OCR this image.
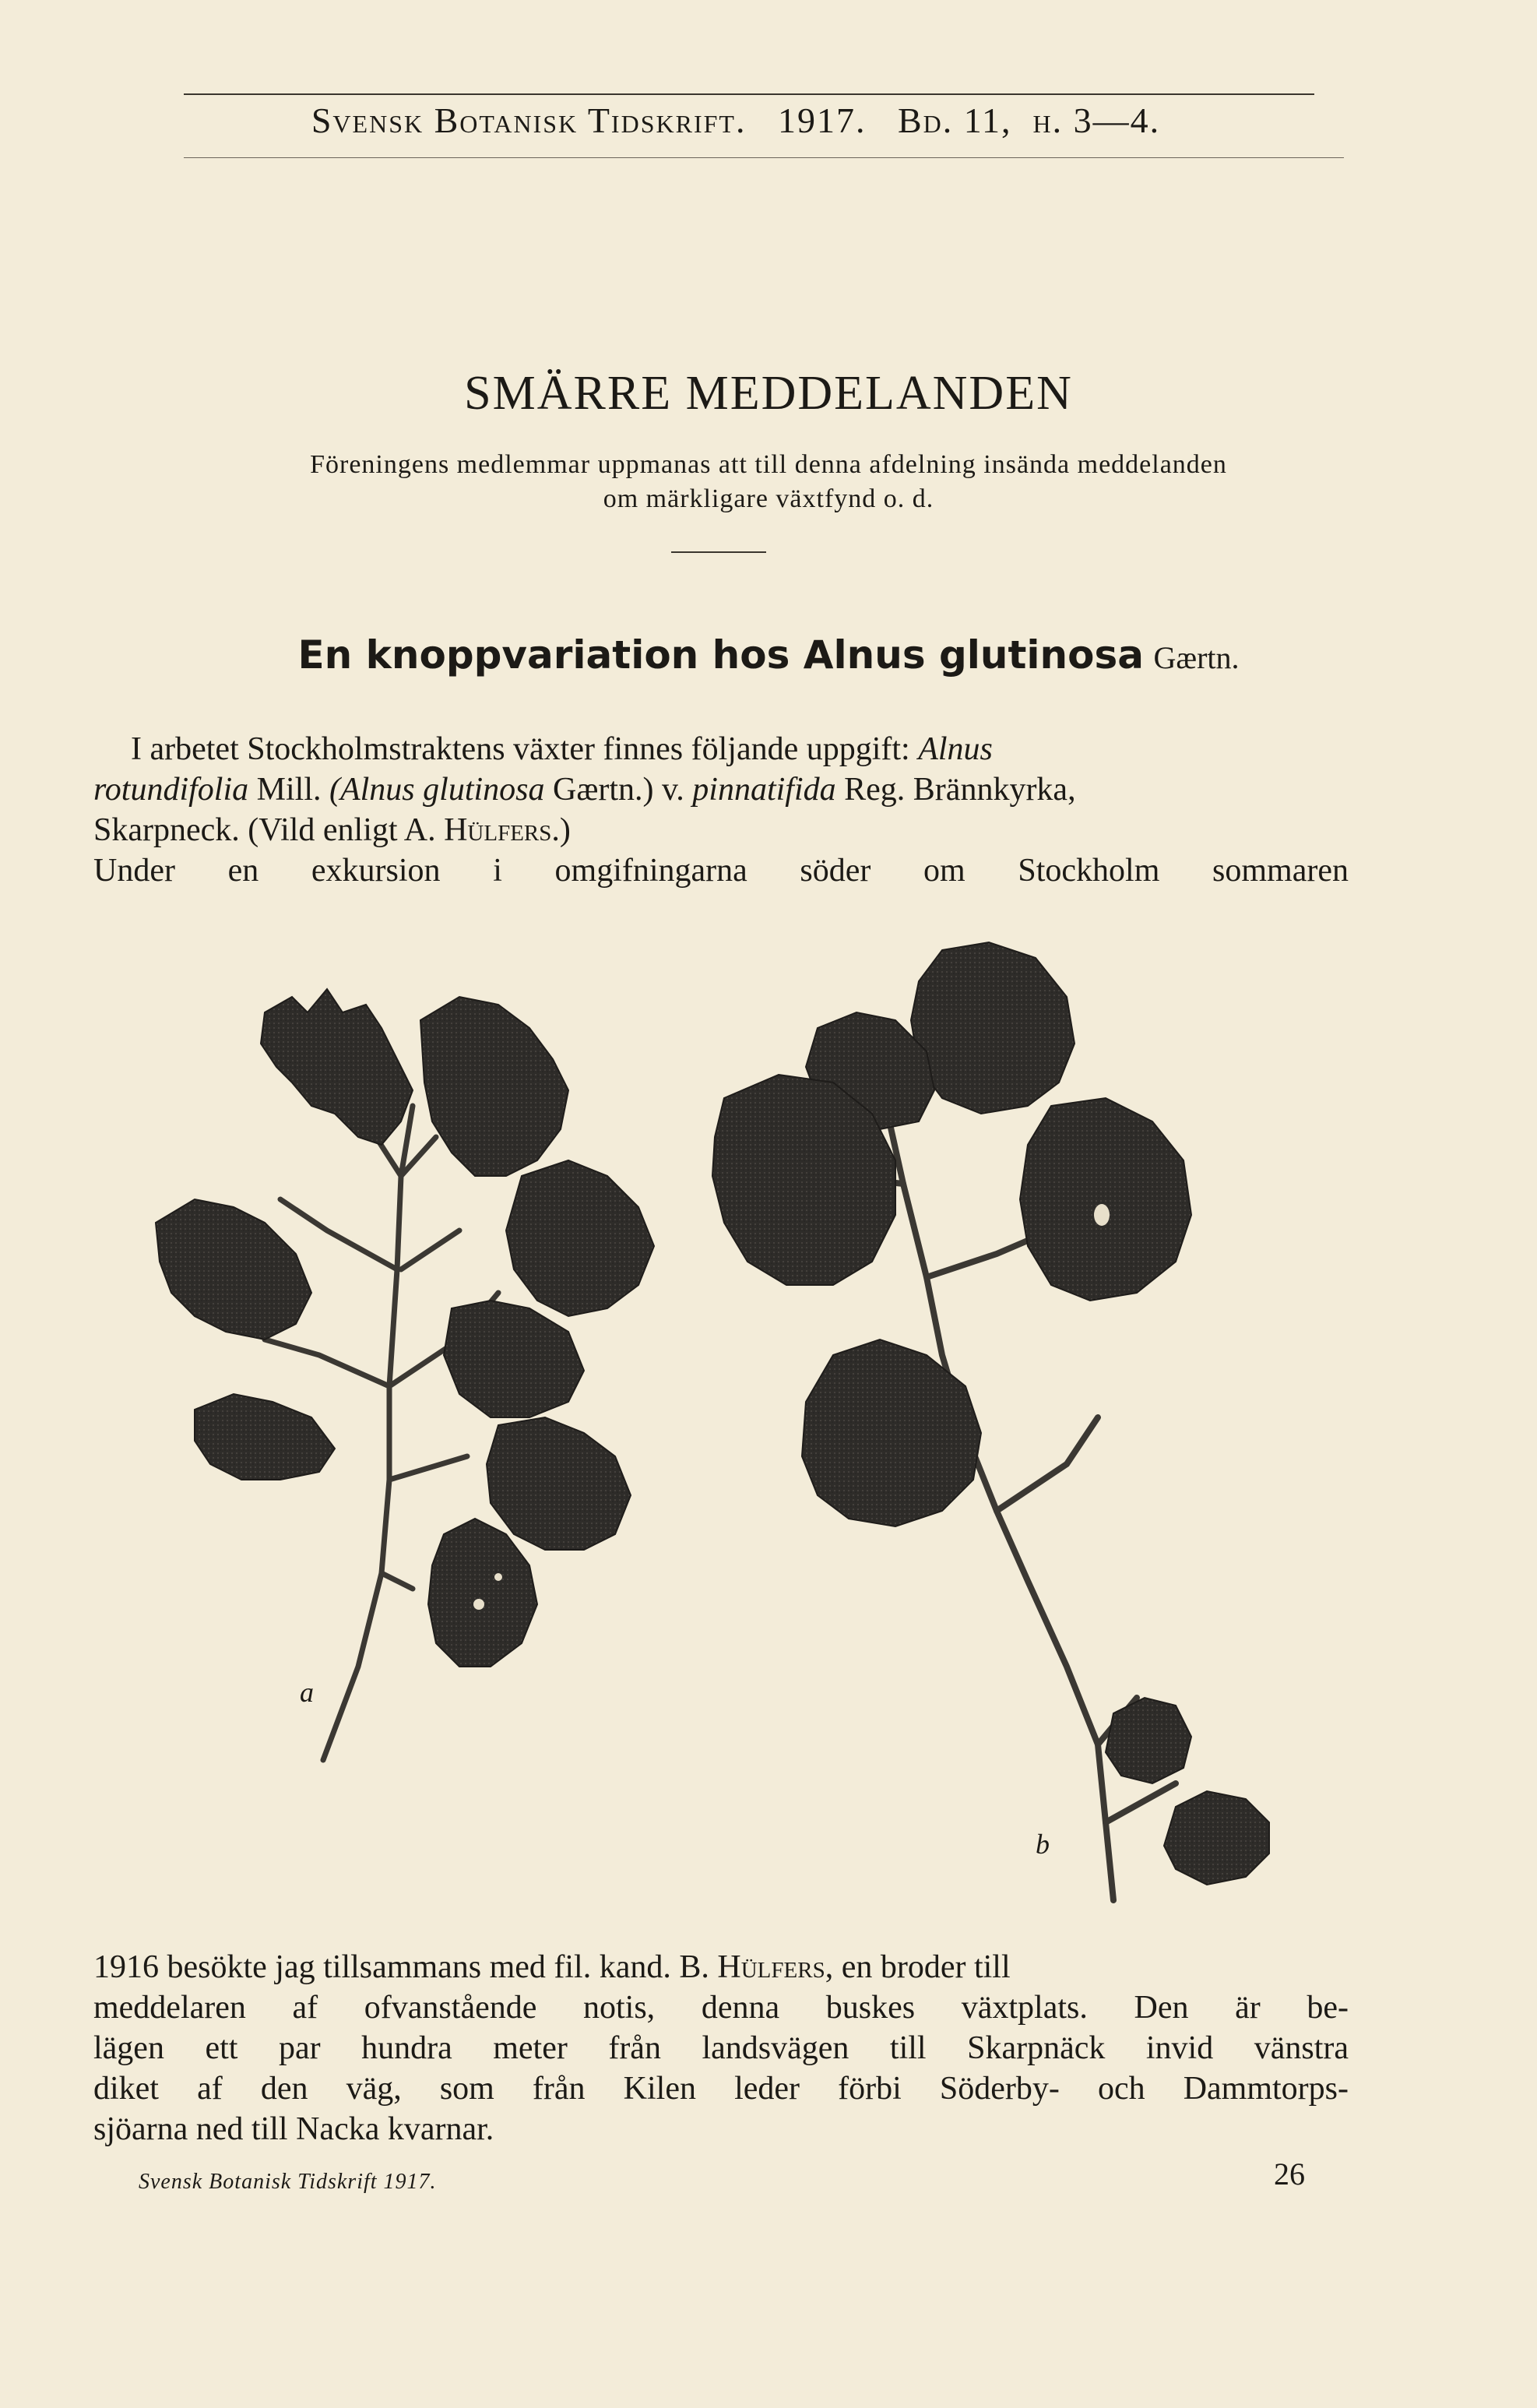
Svensk Botanisk Tidskrift. 1917. Bd. 11, h. 3—4.
SMÄRRE MEDDELANDEN
Föreningens medlemmar uppmanas att till denna afdelning insända meddelanden
om märkligare växtfynd o. d.
En knoppvariation hos Alnus glutinosa Gærtn.
I arbetet Stockholmstraktens växter finnes följande uppgift: Alnus
rotundifolia Mill. (Alnus glutinosa Gærtn.) v. pinnatifida Reg. Brännkyrka,
Skarpneck. (Vild enligt A. Hülfers.)
Under en exkursion i omgifningarna söder om Stockholm sommaren
a
b
1916 besökte jag tillsammans med fil. kand. B. Hülfers, en broder till
meddelaren af ofvanstående notis, denna buskes växtplats. Den är be-
lägen ett par hundra meter från landsvägen till Skarpnäck invid vänstra
diket af den väg, som från Kilen leder förbi Söderby- och Dammtorps-
sjöarna ned till Nacka kvarnar.
Svensk Botanisk Tidskrift 1917.	26
